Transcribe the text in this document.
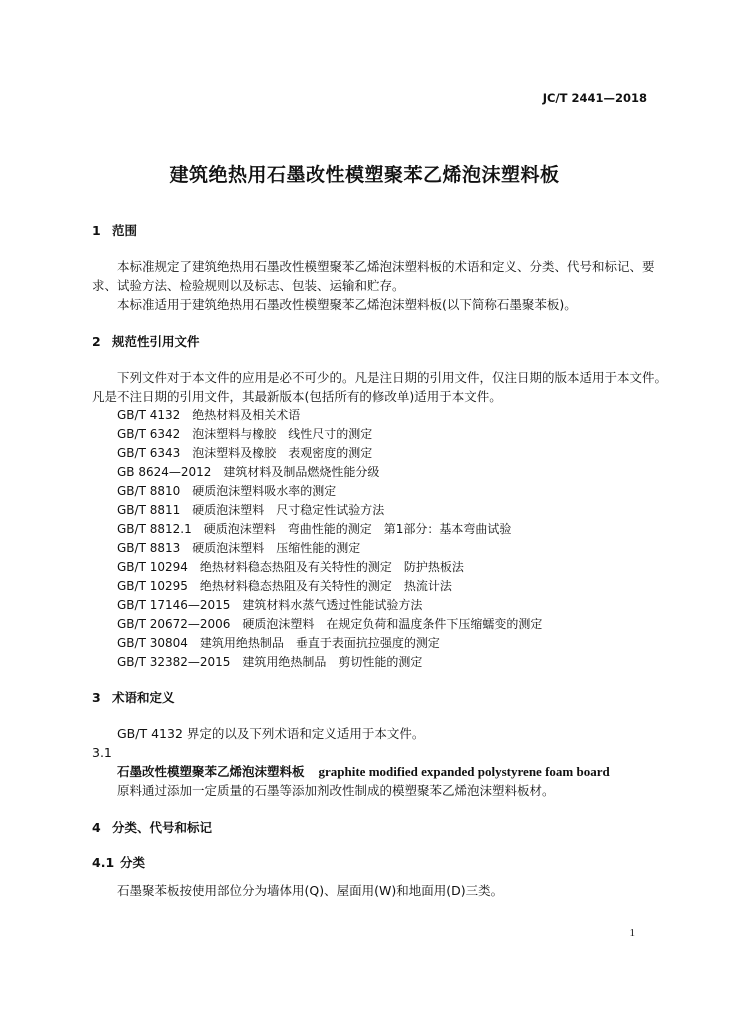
JC/T 2441—2018
建筑绝热用石墨改性模塑聚苯乙烯泡沫塑料板
1 范围
本标准规定了建筑绝热用石墨改性模塑聚苯乙烯泡沫塑料板的术语和定义、分类、代号和标记、要
求、试验方法、检验规则以及标志、包装、运输和贮存。
本标准适用于建筑绝热用石墨改性模塑聚苯乙烯泡沫塑料板(以下简称石墨聚苯板)。
2 规范性引用文件
下列文件对于本文件的应用是必不可少的。凡是注日期的引用文件，仅注日期的版本适用于本文件。
凡是不注日期的引用文件，其最新版本(包括所有的修改单)适用于本文件。
GB/T 4132　绝热材料及相关术语
GB/T 6342　泡沫塑料与橡胶　线性尺寸的测定
GB/T 6343　泡沫塑料及橡胶　表观密度的测定
GB 8624—2012　建筑材料及制品燃烧性能分级
GB/T 8810　硬质泡沫塑料吸水率的测定
GB/T 8811　硬质泡沫塑料　尺寸稳定性试验方法
GB/T 8812.1　硬质泡沫塑料　弯曲性能的测定　第1部分：基本弯曲试验
GB/T 8813　硬质泡沫塑料　压缩性能的测定
GB/T 10294　绝热材料稳态热阻及有关特性的测定　防护热板法
GB/T 10295　绝热材料稳态热阻及有关特性的测定　热流计法
GB/T 17146—2015　建筑材料水蒸气透过性能试验方法
GB/T 20672—2006　硬质泡沫塑料　在规定负荷和温度条件下压缩蠕变的测定
GB/T 30804　建筑用绝热制品　垂直于表面抗拉强度的测定
GB/T 32382—2015　建筑用绝热制品　剪切性能的测定
3 术语和定义
GB/T 4132 界定的以及下列术语和定义适用于本文件。
3.1
石墨改性模塑聚苯乙烯泡沫塑料板 graphite modified expanded polystyrene foam board
原料通过添加一定质量的石墨等添加剂改性制成的模塑聚苯乙烯泡沫塑料板材。
4 分类、代号和标记
4.1 分类
石墨聚苯板按使用部位分为墙体用(Q)、屋面用(W)和地面用(D)三类。
1
